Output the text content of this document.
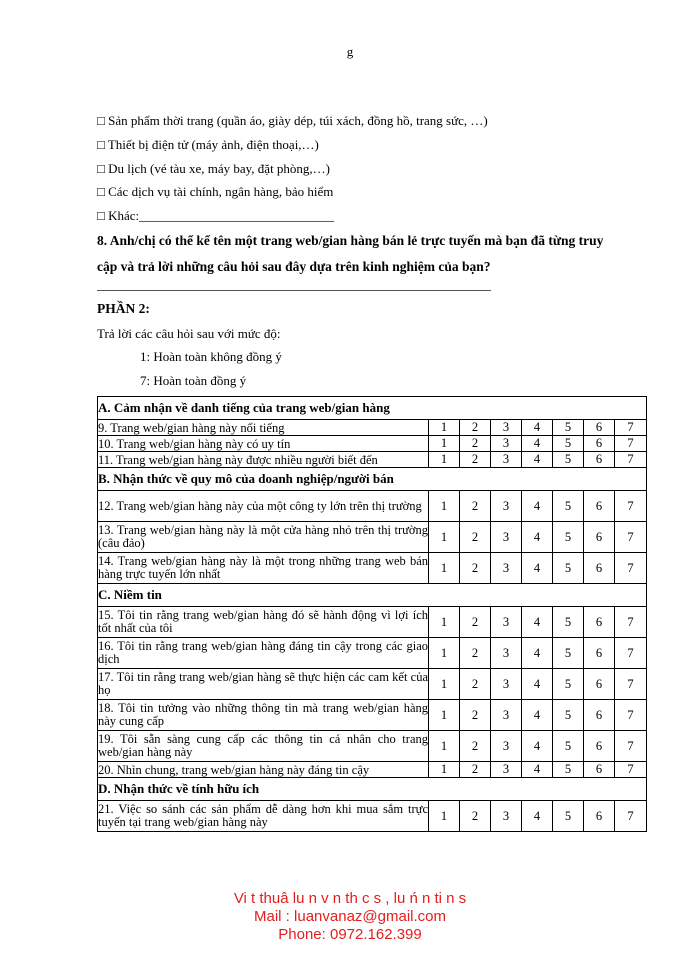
g
□ Sản phẩm thời trang (quần áo, giày dép, túi xách, đồng hồ, trang sức, …)
□ Thiết bị điện tử (máy ảnh, điện thoại,…)
□ Du lịch (vé tàu xe, máy bay, đặt phòng,…)
□ Các dịch vụ tài chính, ngân hàng, bảo hiểm
□ Khác:______________________________
8. Anh/chị có thể kể tên một trang web/gian hàng bán lẻ trực tuyến mà bạn đã từng truy cập và trả lời những câu hỏi sau đây dựa trên kinh nghiệm của bạn?
PHẦN 2:
Trả lời các câu hỏi sau với mức độ:
1: Hoàn toàn không đồng ý
7: Hoàn toàn đồng ý
A. Cảm nhận về danh tiếng của trang web/gian hàng							
9. Trang web/gian hàng này nổi tiếng	1	2	3	4	5	6	7
10. Trang web/gian hàng này có uy tín	1	2	3	4	5	6	7
11. Trang web/gian hàng này được nhiều người biết đến	1	2	3	4	5	6	7
B. Nhận thức về quy mô của doanh nghiệp/người bán							
12. Trang web/gian hàng này của một công ty lớn trên thị trường	1	2	3	4	5	6	7
13. Trang web/gian hàng này là một cửa hàng nhỏ trên thị trường (câu đảo)	1	2	3	4	5	6	7
14. Trang web/gian hàng này là một trong những trang web bán hàng trực tuyến lớn nhất	1	2	3	4	5	6	7
C. Niềm tin							
15. Tôi tin rằng trang web/gian hàng đó sẽ hành động vì lợi ích tốt nhất của tôi	1	2	3	4	5	6	7
16. Tôi tin rằng trang web/gian hàng đáng tin cậy trong các giao dịch	1	2	3	4	5	6	7
17. Tôi tin rằng trang web/gian hàng sẽ thực hiện các cam kết của họ	1	2	3	4	5	6	7
18. Tôi tin tưởng vào những thông tin mà trang web/gian hàng này cung cấp	1	2	3	4	5	6	7
19. Tôi sẵn sàng cung cấp các thông tin cá nhân cho trang web/gian hàng này	1	2	3	4	5	6	7
20. Nhìn chung, trang web/gian hàng này đáng tin cậy	1	2	3	4	5	6	7
D. Nhận thức về tính hữu ích							
21. Việc so sánh các sản phẩm dễ dàng hơn khi mua sắm trực tuyến tại trang web/gian hàng này	1	2	3	4	5	6	7
Vi t thuâ lu n v n th c s , lu ń n ti n s
Mail : luanvanaz@gmail.com
Phone: 0972.162.399
